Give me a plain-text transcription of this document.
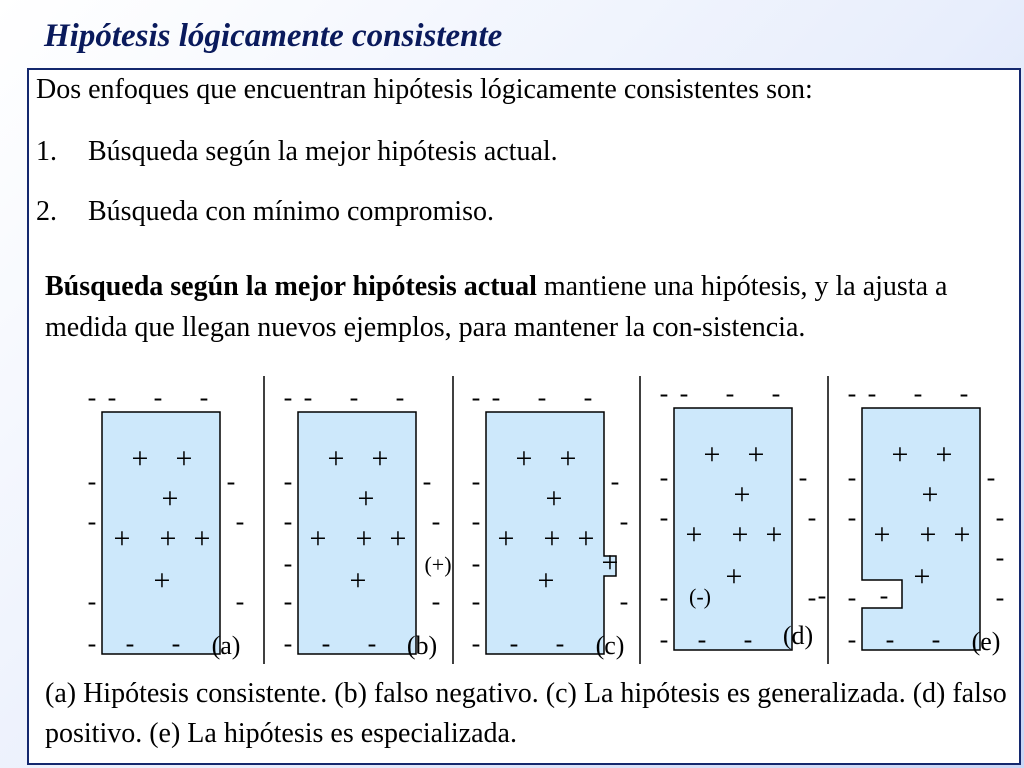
Hipótesis lógicamente consistente
Dos enfoques que encuentran hipótesis lógicamente consistentes son:
1. Búsqueda según la mejor hipótesis actual.
2. Búsqueda con mínimo compromiso.
Búsqueda según la mejor hipótesis actual mantiene una hipótesis, y la ajusta a medida que llegan nuevos ejemplos, para mantener la con-sistencia.
+ +
+
+ + +
+
- - - -
-	-
-	-
-	-
- - - (a)
+ +
+
+ + +
+
- - - -
-	-
-	-
-	-
- - - (b)
(+)
-
+ +
+
+ + +
+
- - - -
-	-
-	-
-	-
- - - (c)
+
-
+ +
+
+ + +
+
- - - -
-	-
-	-
-	-
- - - (d)
(-)	-
+ +
+
+ + +
+
- - - -
-	-
-	-
-	-
- - - (e)
-
-
(a) Hipótesis consistente. (b) falso negativo. (c) La hipótesis es generalizada. (d) falso positivo. (e) La hipótesis es especializada.
